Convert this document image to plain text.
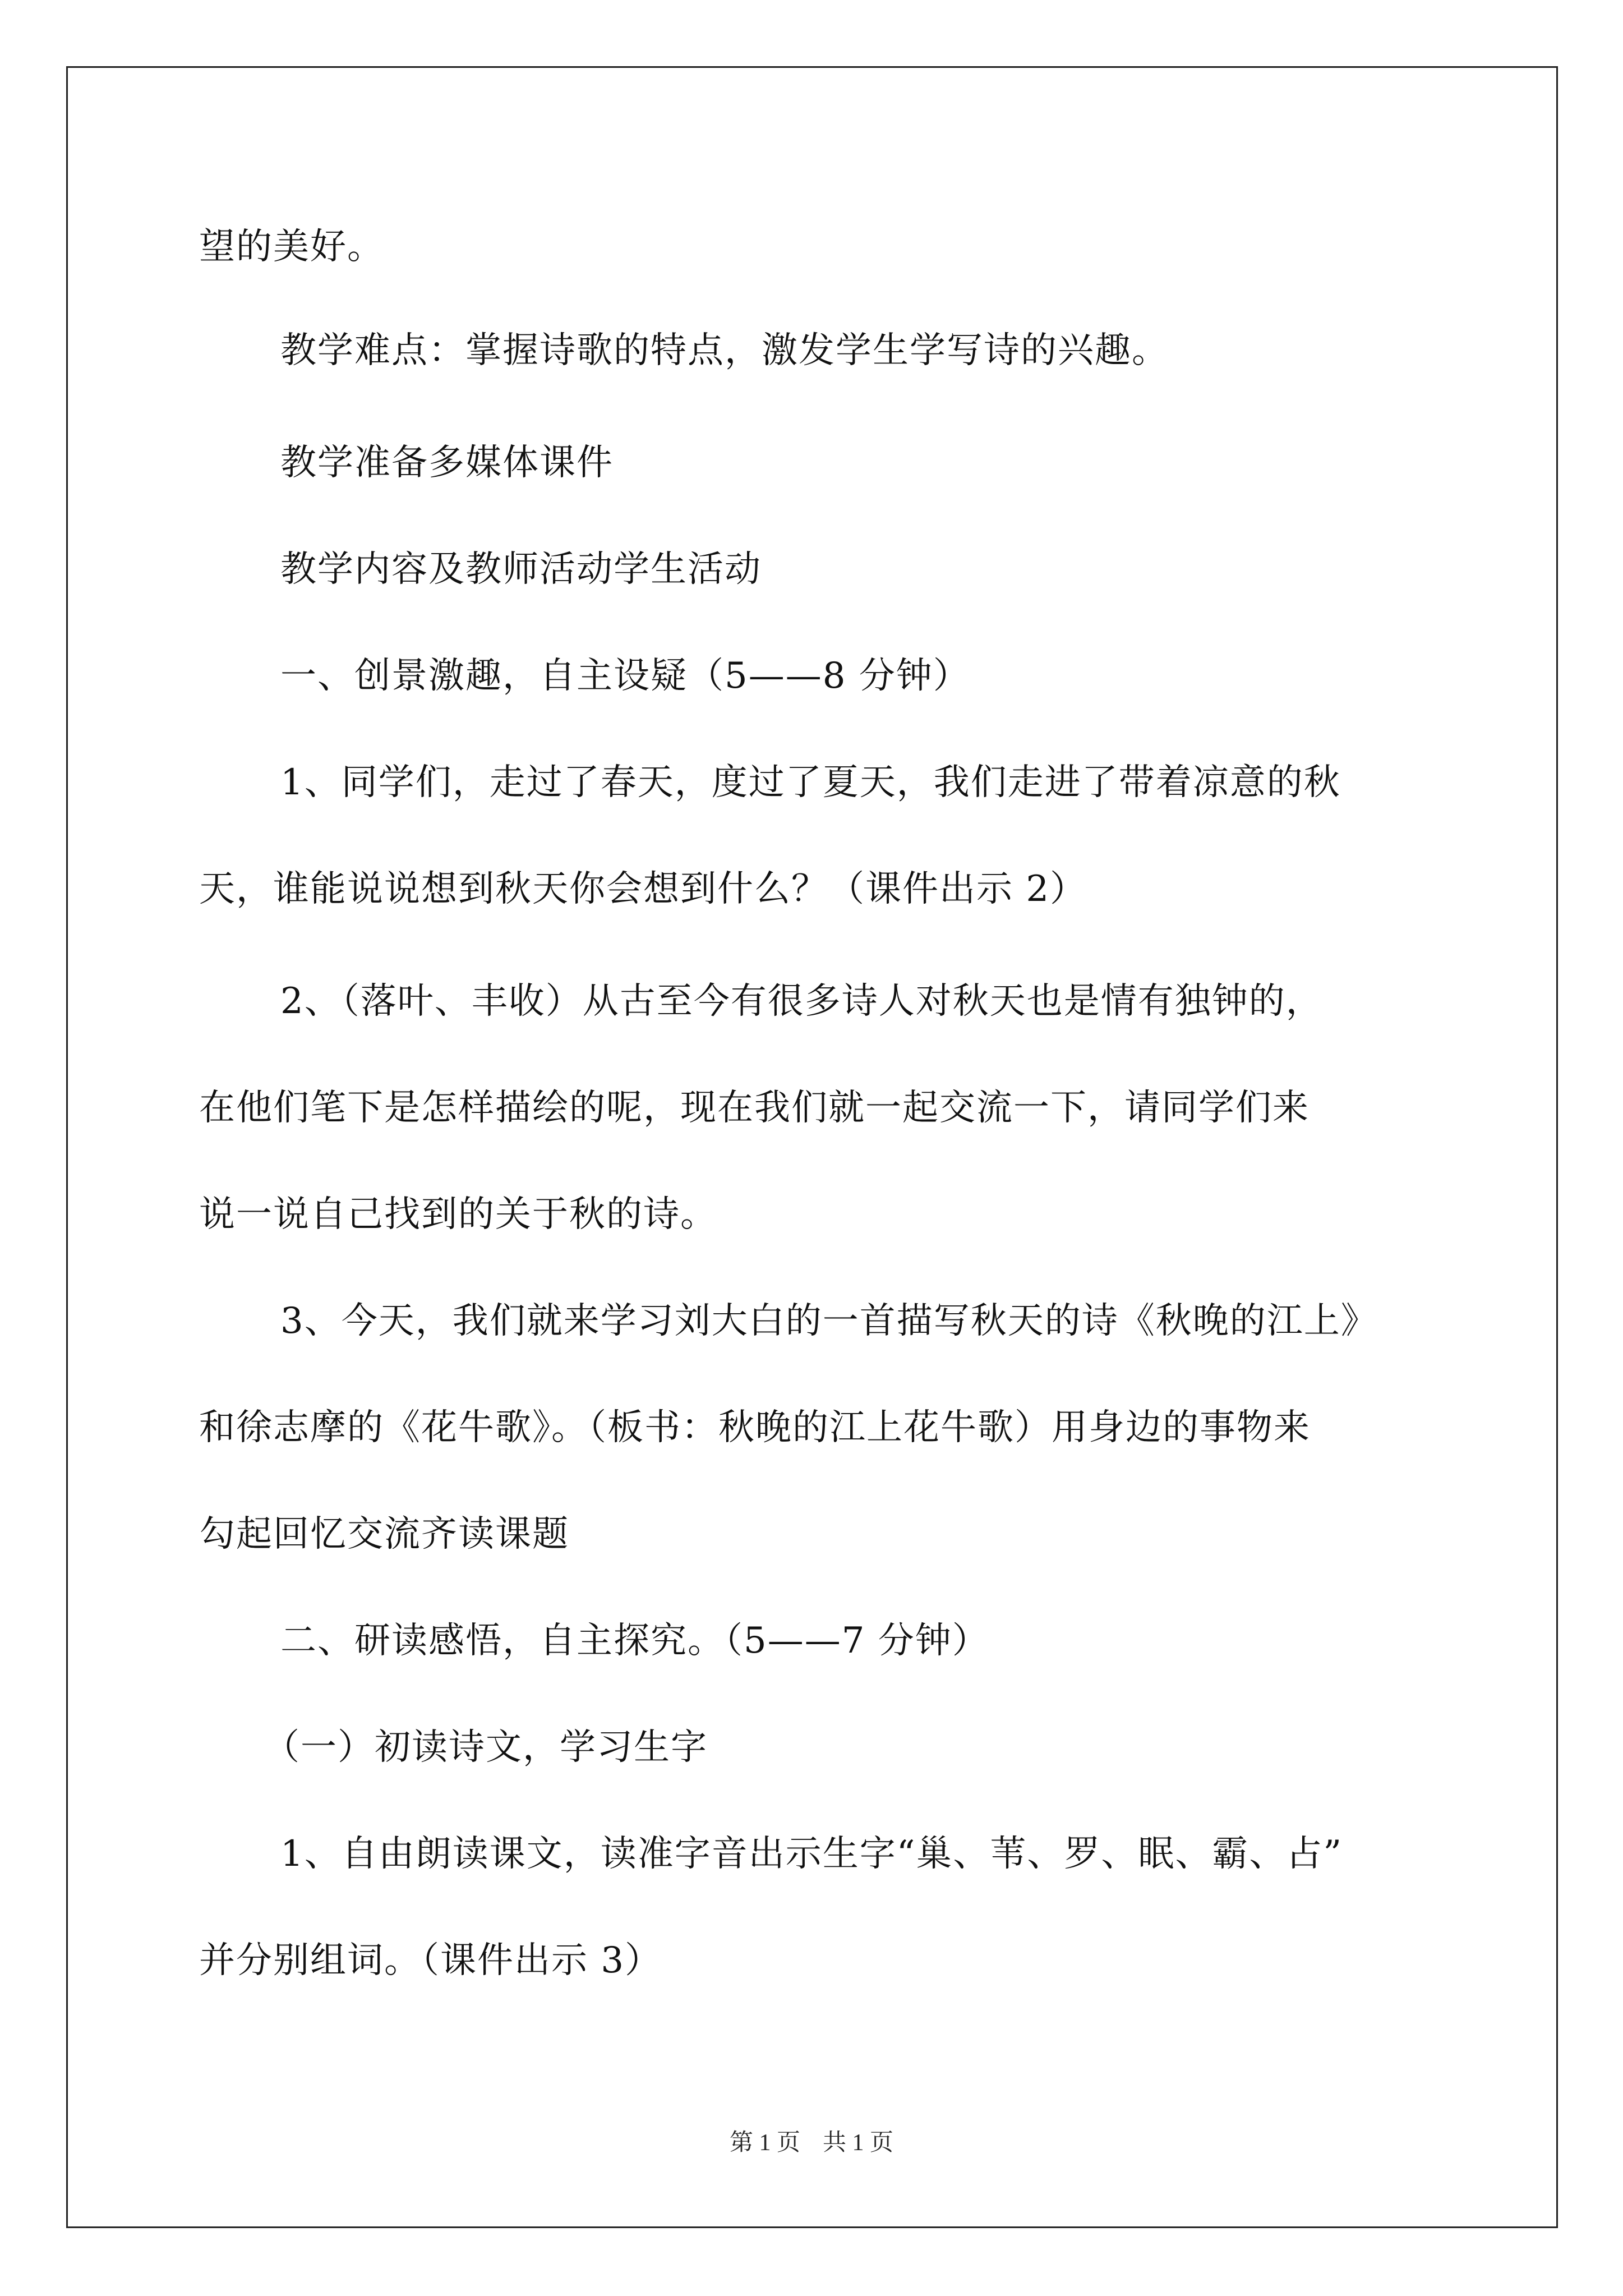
望的美好。
教学难点：掌握诗歌的特点，激发学生学写诗的兴趣。
教学准备多媒体课件
教学内容及教师活动学生活动
一、创景激趣，自主设疑（5——8 分钟）
1、同学们，走过了春天，度过了夏天，我们走进了带着凉意的秋
天，谁能说说想到秋天你会想到什么？（课件出示 2）
2、（落叶、丰收）从古至今有很多诗人对秋天也是情有独钟的，
在他们笔下是怎样描绘的呢，现在我们就一起交流一下，请同学们来
说一说自己找到的关于秋的诗。
3、今天，我们就来学习刘大白的一首描写秋天的诗《秋晚的江上》
和徐志摩的《花牛歌》。（板书：秋晚的江上花牛歌）用身边的事物来
勾起回忆交流齐读课题
二、研读感悟，自主探究。（5——7 分钟）
（一）初读诗文，学习生字
1、自由朗读课文，读准字音出示生字“巢、苇、罗、眠、霸、占”
并分别组词。（课件出示 3）
第 1 页 共 1 页
